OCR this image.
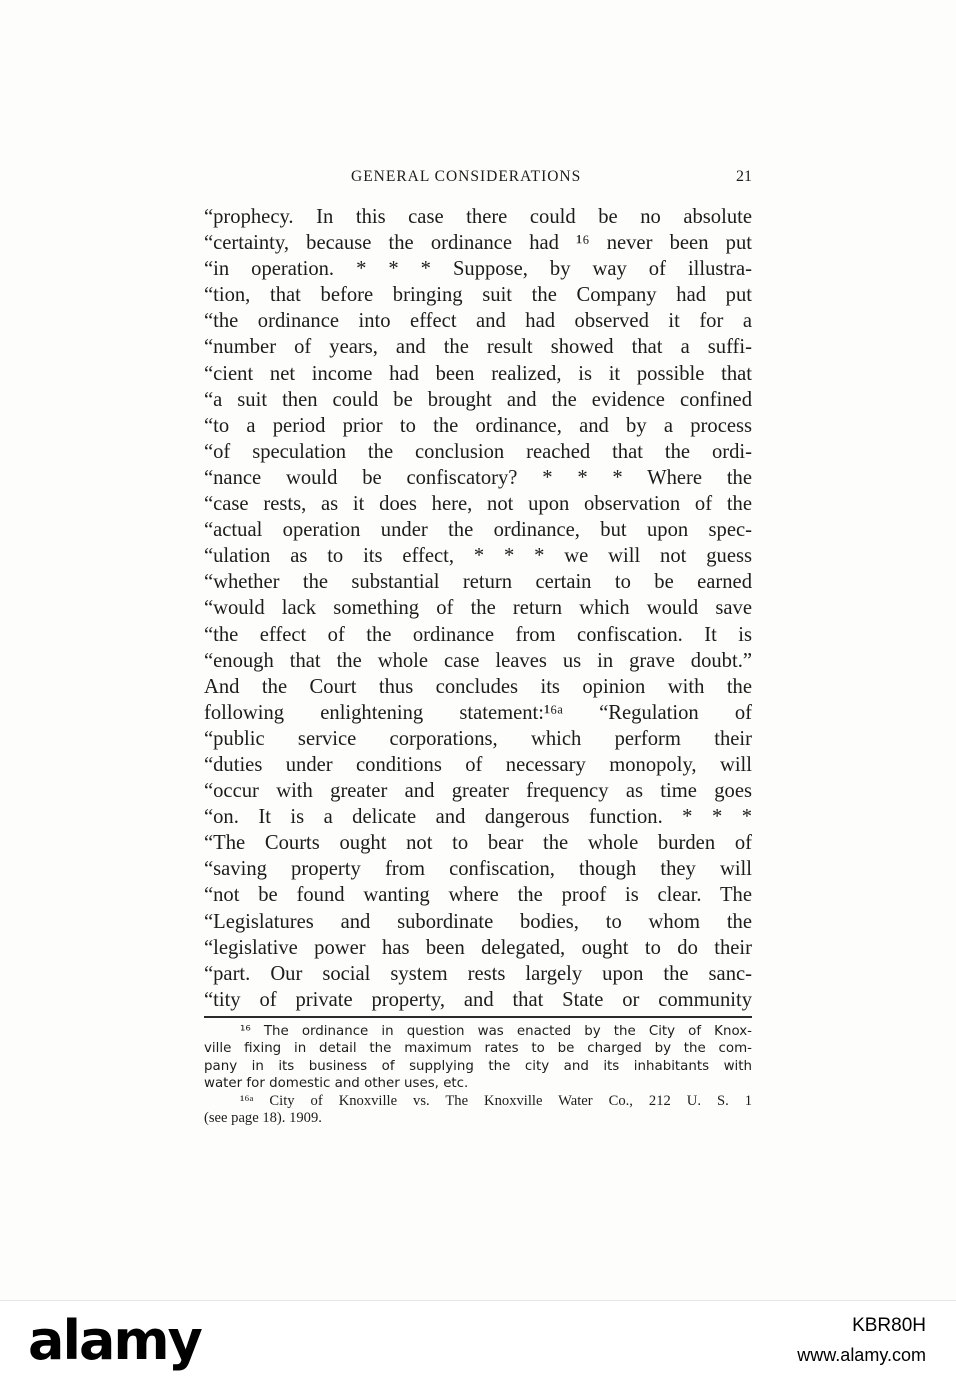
GENERAL CONSIDERATIONS	21
“prophecy. In this case there could be no absolute
“certainty, because the ordinance had ¹⁶ never been put
“in operation. * * * Suppose, by way of illustra-
“tion, that before bringing suit the Company had put
“the ordinance into effect and had observed it for a
“number of years, and the result showed that a suffi-
“cient net income had been realized, is it possible that
“a suit then could be brought and the evidence confined
“to a period prior to the ordinance, and by a process
“of speculation the conclusion reached that the ordi-
“nance would be confiscatory? * * * Where the
“case rests, as it does here, not upon observation of the
“actual operation under the ordinance, but upon spec-
“ulation as to its effect, * * * we will not guess
“whether the substantial return certain to be earned
“would lack something of the return which would save
“the effect of the ordinance from confiscation. It is
“enough that the whole case leaves us in grave doubt.”
And the Court thus concludes its opinion with the
following enlightening statement:¹⁶ᵃ “Regulation of
“public service corporations, which perform their
“duties under conditions of necessary monopoly, will
“occur with greater and greater frequency as time goes
“on. It is a delicate and dangerous function. * * *
“The Courts ought not to bear the whole burden of
“saving property from confiscation, though they will
“not be found wanting where the proof is clear. The
“Legislatures and subordinate bodies, to whom the
“legislative power has been delegated, ought to do their
“part. Our social system rests largely upon the sanc-
“tity of private property, and that State or community
¹⁶ The ordinance in question was enacted by the City of Knox-
ville fixing in detail the maximum rates to be charged by the com-
pany in its business of supplying the city and its inhabitants with
water for domestic and other uses, etc.
¹⁶ᵃ City of Knoxville vs. The Knoxville Water Co., 212 U. S. 1
(see page 18). 1909.
alamy	KBR80H
www.alamy.com
